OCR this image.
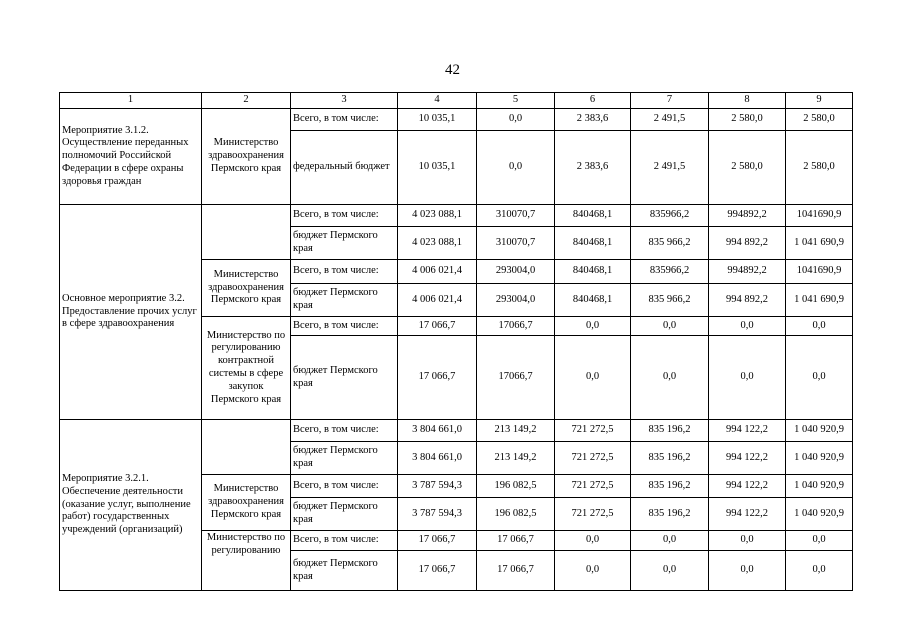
42
1	2	3	4	5	6	7	8	9
Мероприятие 3.1.2. Осуществление переданных полномочий Российской Федерации в сфере охраны здоровья граждан	Министерство здравоохранения Пермского края	Всего, в том числе:	10 035,1	0,0	2 383,6	2 491,5	2 580,0	2 580,0
		федеральный бюджет	10 035,1	0,0	2 383,6	2 491,5	2 580,0	2 580,0
Основное мероприятие 3.2. Предоставление прочих услуг в сфере здравоохранения		Всего, в том числе:	4 023 088,1	310070,7	840468,1	835966,2	994892,2	1041690,9
		бюджет Пермского края	4 023 088,1	310070,7	840468,1	835 966,2	994 892,2	1 041 690,9
	Министерство здравоохранения Пермского края	Всего, в том числе:	4 006 021,4	293004,0	840468,1	835966,2	994892,2	1041690,9
		бюджет Пермского края	4 006 021,4	293004,0	840468,1	835 966,2	994 892,2	1 041 690,9
	Министерство по регулированию контрактной системы в сфере закупок Пермского края	Всего, в том числе:	17 066,7	17066,7	0,0	0,0	0,0	0,0
		бюджет Пермского края	17 066,7	17066,7	0,0	0,0	0,0	0,0
Мероприятие 3.2.1. Обеспечение деятельности (оказание услуг, выполнение работ) государственных учреждений (организаций)		Всего, в том числе:	3 804 661,0	213 149,2	721 272,5	835 196,2	994 122,2	1 040 920,9
		бюджет Пермского края	3 804 661,0	213 149,2	721 272,5	835 196,2	994 122,2	1 040 920,9
	Министерство здравоохранения Пермского края	Всего, в том числе:	3 787 594,3	196 082,5	721 272,5	835 196,2	994 122,2	1 040 920,9
		бюджет Пермского края	3 787 594,3	196 082,5	721 272,5	835 196,2	994 122,2	1 040 920,9
	Министерство по регулированию	Всего, в том числе:	17 066,7	17 066,7	0,0	0,0	0,0	0,0
		бюджет Пермского края	17 066,7	17 066,7	0,0	0,0	0,0	0,0
